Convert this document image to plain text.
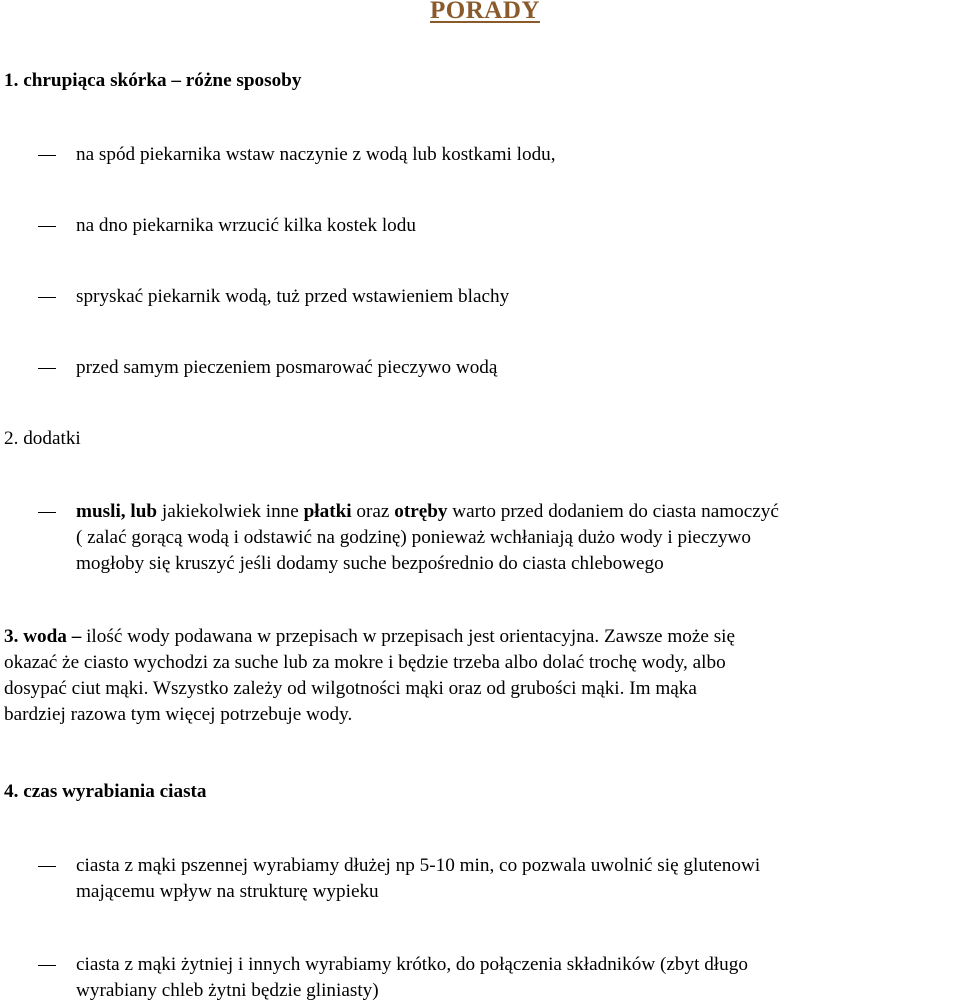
PORADY
1. chrupiąca skórka – różne sposoby
na spód piekarnika wstaw naczynie z wodą lub kostkami lodu,
na dno piekarnika wrzucić kilka kostek lodu
spryskać piekarnik wodą, tuż przed wstawieniem blachy
przed samym pieczeniem posmarować pieczywo wodą
2. dodatki
musli, lub jakiekolwiek inne płatki oraz otręby warto przed dodaniem do ciasta namoczyć
( zalać gorącą wodą i odstawić na godzinę) ponieważ wchłaniają dużo wody i pieczywo
mogłoby się kruszyć jeśli dodamy suche bezpośrednio do ciasta chlebowego
3. woda – ilość wody podawana w przepisach w przepisach jest orientacyjna. Zawsze może się
okazać że ciasto wychodzi za suche lub za mokre i będzie trzeba albo dolać trochę wody, albo
dosypać ciut mąki. Wszystko zależy od wilgotności mąki oraz od grubości mąki. Im mąka
bardziej razowa tym więcej potrzebuje wody.
4. czas wyrabiania ciasta
ciasta z mąki pszennej wyrabiamy dłużej np 5-10 min, co pozwala uwolnić się glutenowi
mającemu wpływ na strukturę wypieku
ciasta z mąki żytniej i innych wyrabiamy krótko, do połączenia składników (zbyt długo
wyrabiany chleb żytni będzie gliniasty)
